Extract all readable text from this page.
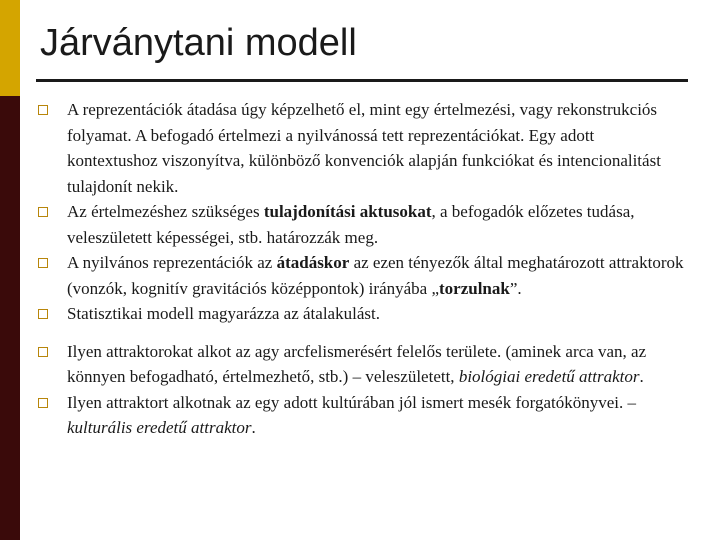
Járványtani modell
A reprezentációk átadása úgy képzelhető el, mint egy értelmezési, vagy rekonstrukciós folyamat. A befogadó értelmezi a nyilvánossá tett reprezentációkat. Egy adott kontextushoz viszonyítva, különböző konvenciók alapján funkciókat és intencionalitást tulajdonít nekik.
Az értelmezéshez szükséges tulajdonítási aktusokat, a befogadók előzetes tudása, veleszületett képességei, stb. határozzák meg.
A nyilvános reprezentációk az átadáskor az ezen tényezők által meghatározott attraktorok (vonzók, kognitív gravitációs középpontok) irányába „torzulnak”.
Statisztikai modell magyarázza az átalakulást.
Ilyen attraktorokat alkot az agy arcfelismerésért felelős területe. (aminek arca van, az könnyen befogadható, értelmezhető, stb.) – veleszületett, biológiai eredetű attraktor.
Ilyen attraktort alkotnak az egy adott kultúrában jól ismert mesék forgatókönyvei. – kulturális eredetű attraktor.
